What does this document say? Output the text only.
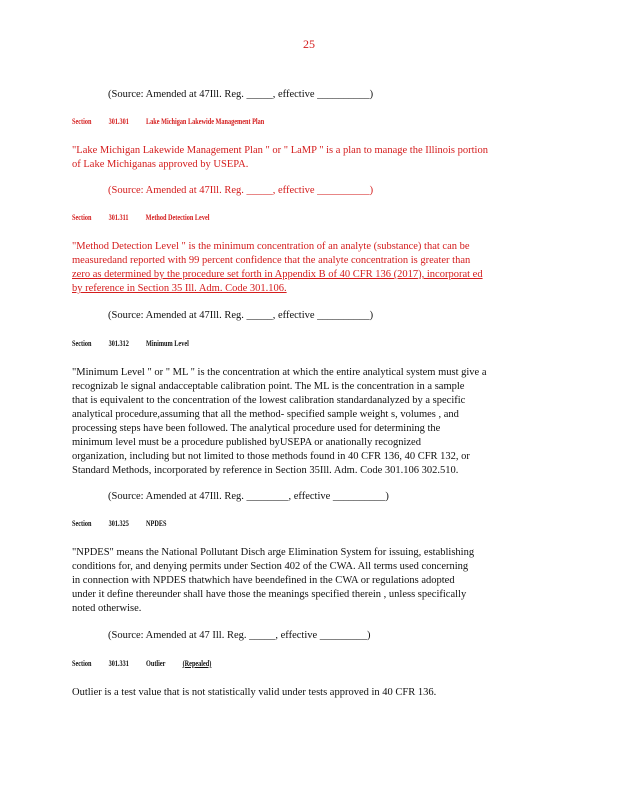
25
(Source: Amended at 47Ill. Reg. _____, effective __________)
Section 301.301 Lake Michigan Lakewide Management Plan
"Lake Michigan Lakewide Management Plan " or " LaMP " is a plan to manage the Illinois portion
of Lake Michiganas approved by USEPA.
(Source: Amended at 47Ill. Reg. _____, effective __________)
Section 301.311 Method Detection Level
"Method Detection Level " is the minimum concentration of an analyte (substance) that can be
measuredand reported with 99 percent confidence that the analyte concentration is greater than
zero as determined by the procedure set forth in Appendix B of 40 CFR 136 (2017), incorporat ed
by reference in Section 35 Ill. Adm. Code 301.106.
(Source: Amended at 47Ill. Reg. _____, effective __________)
Section 301.312 Minimum Level
"Minimum Level " or " ML " is the concentration at which the entire analytical system must give a
recognizab le signal andacceptable calibration point. The ML is the concentration in a sample
that is equivalent to the concentration of the lowest calibration standardanalyzed by a specific
analytical procedure,assuming that all the method- specified sample weight s, volumes , and
processing steps have been followed. The analytical procedure used for determining the
minimum level must be a procedure published byUSEPA or anationally recognized
organization, including but not limited to those methods found in 40 CFR 136, 40 CFR 132, or
Standard Methods, incorporated by reference in Section 35Ill. Adm. Code 301.106 302.510.
(Source: Amended at 47Ill. Reg. ________, effective __________)
Section 301.325 NPDES
"NPDES" means the National Pollutant Disch arge Elimination System for issuing, establishing
conditions for, and denying permits under Section 402 of the CWA. All terms used concerning
in connection with NPDES thatwhich have beendefined in the CWA or regulations adopted
under it define thereunder shall have those the meanings specified therein , unless specifically
noted otherwise.
(Source: Amended at 47 Ill. Reg. _____, effective _________)
Section 301.331 Outlier (Repealed)
Outlier is a test value that is not statistically valid under tests approved in 40 CFR 136.
